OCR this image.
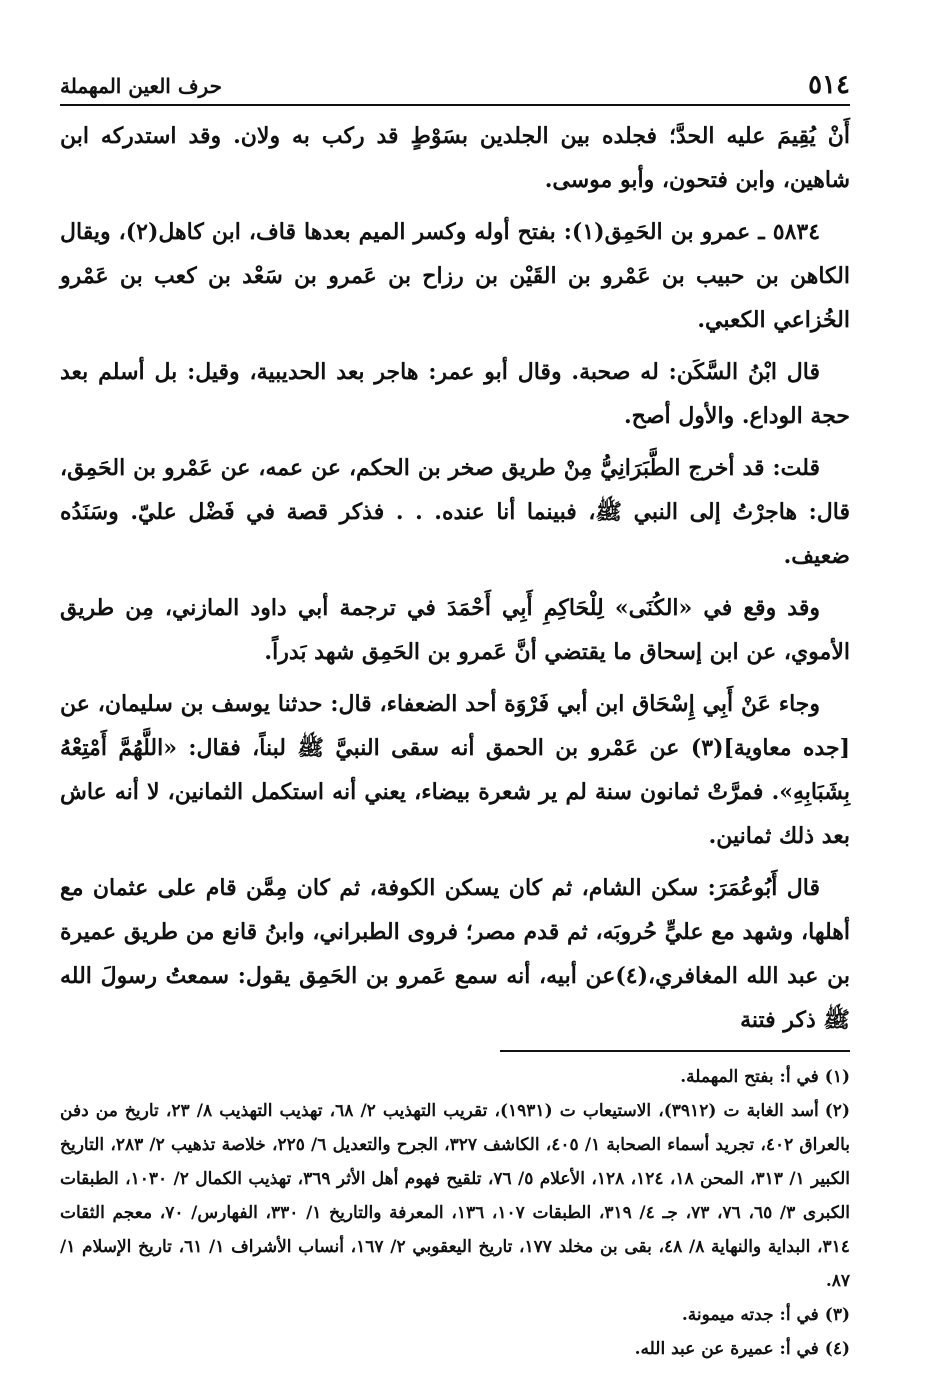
٥١٤
حرف العين المهملة

أَنْ يُقِيمَ عليه الحدَّ؛ فجلده بين الجلدين بسَوْطٍ قد ركب به ولان. وقد استدركه ابن شاهين، وابن فتحون، وأبو موسى.

٥٨٣٤ ـ عمرو بن الحَمِق(١): بفتح أوله وكسر الميم بعدها قاف، ابن كاهل(٢)، ويقال الكاهن بن حبيب بن عَمْرو بن القَيْن بن رزاح بن عَمرو بن سَعْد بن كعب بن عَمْرو الخُزاعي الكعبي.

قال ابْنُ السَّكَن: له صحبة. وقال أبو عمر: هاجر بعد الحديبية، وقيل: بل أسلم بعد حجة الوداع. والأول أصح.

قلت: قد أخرج الطَّبَرَانِيُّ مِنْ طريق صخر بن الحكم، عن عمه، عن عَمْرو بن الحَمِق، قال: هاجرْتُ إلى النبي ﷺ، فبينما أنا عنده. . . فذكر قصة في فَضْل عليّ. وسَنَدُه ضعيف.

وقد وقع في «الكُنَى» لِلْحَاكِمِ أَبِي أَحْمَدَ في ترجمة أبي داود المازني، مِن طريق الأموي، عن ابن إسحاق ما يقتضي أنَّ عَمرو بن الحَمِق شهد بَدراً.

وجاء عَنْ أَبِي إِسْحَاق ابن أبي فَرْوَة أحد الضعفاء، قال: حدثنا يوسف بن سليمان، عن [جده معاوية](٣) عن عَمْرو بن الحمق أنه سقى النبيَّ ﷺ لبناً، فقال: «اللَّهُمَّ أَمْتِعْهُ بِشَبَابِهِ». فمرَّتْ ثمانون سنة لم ير شعرة بيضاء، يعني أنه استكمل الثمانين، لا أنه عاش بعد ذلك ثمانين.

قال أَبُوعُمَرَ: سكن الشام، ثم كان يسكن الكوفة، ثم كان مِمَّن قام على عثمان مع أهلها، وشهد مع عليٍّ حُروبَه، ثم قدم مصر؛ فروى الطبراني، وابنُ قانع من طريق عميرة بن عبد الله المغافري،(٤)عن أبيه، أنه سمع عَمرو بن الحَمِق يقول: سمعتُ رسولَ الله ﷺ ذكر فتنة

(١)في أ: بفتح المهملة.

(٢)أسد الغابة ت (٣٩١٢)، الاستيعاب ت (١٩٣١)، تقريب التهذيب ٢/ ٦٨، تهذيب التهذيب ٨/ ٢٣، تاريخ من دفن بالعراق ٤٠٢، تجريد أسماء الصحابة ١/ ٤٠٥، الكاشف ٣٢٧، الجرح والتعديل ٦/ ٢٢٥، خلاصة تذهيب ٢/ ٢٨٣، التاريخ الكبير ١/ ٣١٣، المحن ١٨، ١٢٤، ١٢٨، الأعلام ٥/ ٧٦، تلقيح فهوم أهل الأثر ٣٦٩، تهذيب الكمال ٢/ ١٠٣٠، الطبقات الكبرى ٣/ ٦٥، ٧٦، ٧٣، جـ ٤/ ٣١٩، الطبقات ١٠٧، ١٣٦، المعرفة والتاريخ ١/ ٣٣٠، الفهارس/ ٧٠، معجم الثقات ٣١٤، البداية والنهاية ٨/ ٤٨، بقى بن مخلد ١٧٧، تاريخ اليعقوبي ٢/ ١٦٧، أنساب الأشراف ١/ ٦١، تاريخ الإسلام ١/ ٨٧.

(٣)في أ: جدته ميمونة.

(٤)في أ: عميرة عن عبد الله.
